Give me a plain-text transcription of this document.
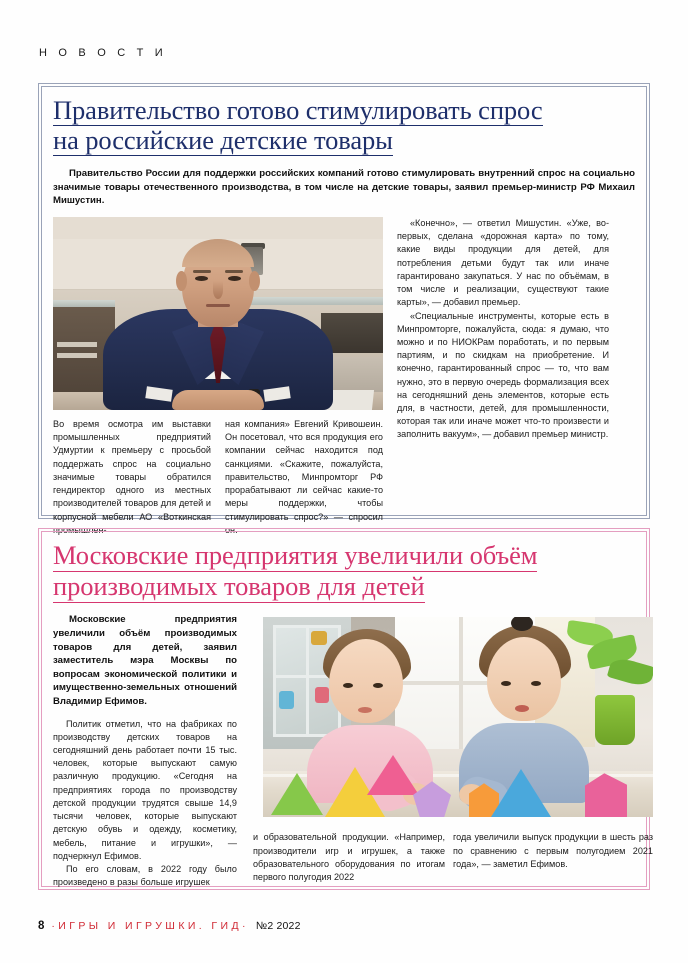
Н О В О С Т И
Правительство готово стимулировать спрос
на российские детские товары

Правительство России для поддержки российских компаний готово стимулировать внутренний спрос на социально значимые товары отечественного производства, в том числе на детские товары, заявил премьер-министр РФ Михаил Мишустин.

Во время осмотра им выставки промышленных предприятий Удмуртии к премьеру с просьбой поддержать спрос на социально значимые товары обратился гендиректор одного из местных производителей товаров для детей и корпусной мебели АО «Воткинская промышлен-

ная компания» Евгений Кривошеин. Он посетовал, что вся продукция его компании сейчас находится под санкциями. «Скажите, пожалуйста, правительство, Минпромторг РФ прорабатывают ли сейчас какие-то меры поддержки, чтобы стимулировать спрос?» — спросил он.

«Конечно», — ответил Мишустин. «Уже, во-первых, сделана «дорожная карта» по тому, какие виды продукции для детей, для потребления детьми будут так или иначе гарантировано закупаться. У нас по объёмам, в том числе и реализации, существуют такие карты», — добавил премьер.

«Специальные инструменты, которые есть в Минпромторге, пожалуйста, сюда: я думаю, что можно и по НИОКРам поработать, и по первым партиям, и по скидкам на приобретение. И конечно, гарантированный спрос — то, что вам нужно, это в первую очередь формализация всех на сегодняшний день элементов, которые есть для, в частности, детей, для промышленности, которая так или иначе может что-то произвести и заполнить вакуум», — добавил премьер министр.

Московские предприятия увеличили объём
производимых товаров для детей

Московские предприятия увеличили объём производимых товаров для детей, заявил заместитель мэра Москвы по вопросам экономической политики и имущественно-земельных отношений Владимир Ефимов.

Политик отметил, что на фабриках по производству детских товаров на сегодняшний день работает почти 15 тыс. человек, которые выпускают самую различную продукцию. «Сегодня на предприятиях города по производству детской продукции трудятся свыше 14,9 тысячи человек, которые выпускают детскую обувь и одежду, косметику, мебель, питание и игрушки», — подчеркнул Ефимов.

По его словам, в 2022 году было произведено в разы больше игрушек

и образовательной продукции. «Например, производители игр и игрушек, а также образовательного оборудования по итогам первого полугодия 2022

года увеличили выпуск продукции в шесть раз по сравнению с первым полугодием 2021 года», — заметил Ефимов.

8 ·ИГРЫ И ИГРУШКИ. ГИД· №2 2022
